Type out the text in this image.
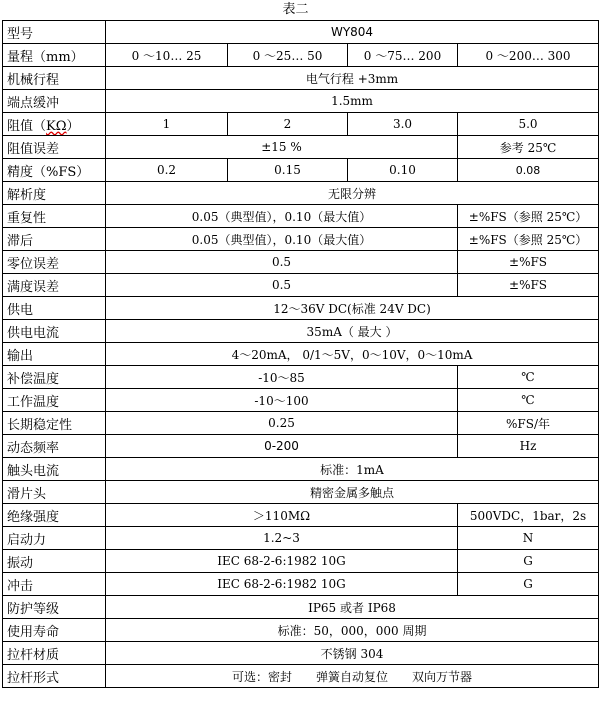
表二
型号	WY804			
量程（mm）	0 ～10… 25	0 ～25… 50	0 ～75… 200	0 ～200… 300
机械行程	电气行程 +3mm			
端点缓冲	1.5mm			
阻值（KΩ）	1	2	3.0	5.0
阻值误差	±15 %			参考 25℃
精度（%FS）	0.2	0.15	0.10	0.08
解析度	无限分辨			
重复性	0.05（典型值），0.10（最大值）			±%FS（参照 25℃）
滞后	0.05（典型值），0.10（最大值）			±%FS（参照 25℃）
零位误差	0.5			±%FS
满度误差	0.5			±%FS
供电	12～36V DC(标准 24V DC)			
供电电流	35mA（ 最大 ）			
输出	4～20mA， 0/1～5V，0～10V，0～10mA			
补偿温度	-10～85			℃
工作温度	-10～100			℃
长期稳定性	0.25			%FS/年
动态频率	0-200			Hz
触头电流	标准：1mA			
滑片头	精密金属多触点			
绝缘强度	＞110MΩ			500VDC，1bar，2s
启动力	1.2~3			N
振动	IEC 68-2-6:1982 10G			G
冲击	IEC 68-2-6:1982 10G			G
防护等级	IP65 或者 IP68			
使用寿命	标准：50，000，000 周期			
拉杆材质	不锈钢 304			
拉杆形式	可选：密封　　弹簧自动复位　　双向万节器			
